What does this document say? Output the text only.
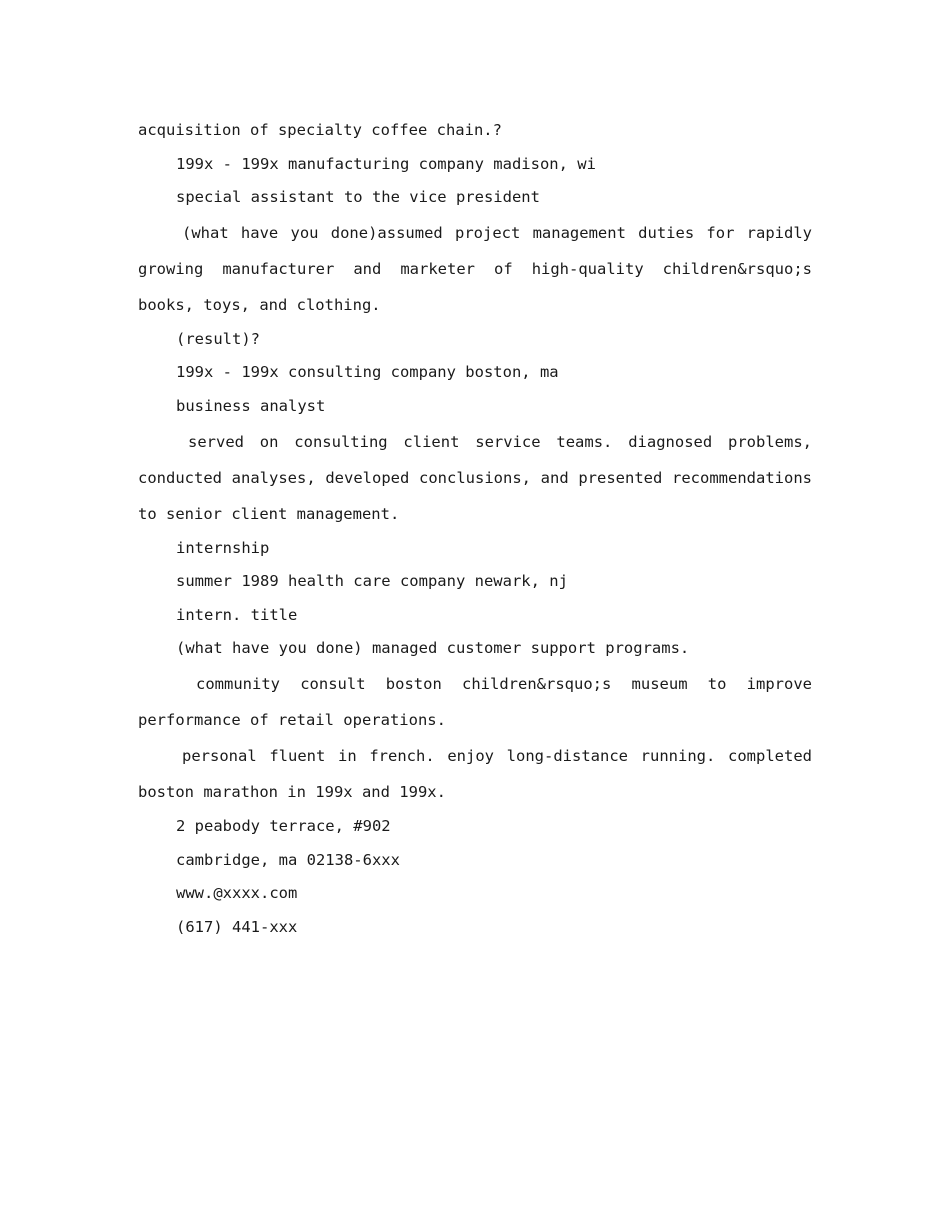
acquisition of specialty coffee chain.?

199x - 199x manufacturing company madison, wi

special assistant to the vice president

(what have you done)assumed project management duties for rapidly growing manufacturer and marketer of high-quality children&rsquo;s books, toys, and clothing.

(result)?

199x - 199x consulting company boston, ma

business analyst

served on consulting client service teams. diagnosed problems, conducted analyses, developed conclusions, and presented recommendations to senior client management.

internship

summer 1989 health care company newark, nj

intern. title

(what have you done) managed customer support programs.

community consult boston children&rsquo;s museum to improve performance of retail operations.

personal fluent in french. enjoy long-distance running. completed boston marathon in 199x and 199x.

2 peabody terrace, #902

cambridge, ma 02138-6xxx

www.@xxxx.com

(617) 441-xxx
